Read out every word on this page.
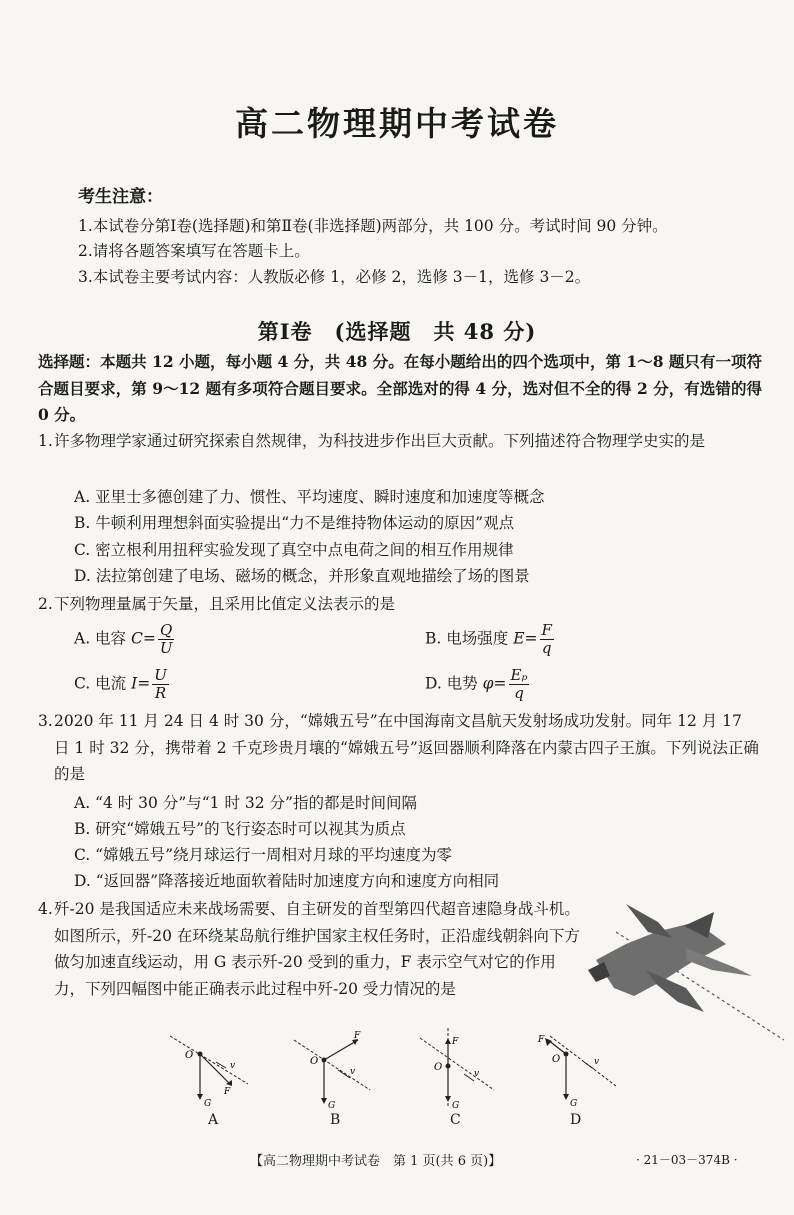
高二物理期中考试卷
考生注意：
1.本试卷分第Ⅰ卷(选择题)和第Ⅱ卷(非选择题)两部分，共 100 分。考试时间 90 分钟。
2.请将各题答案填写在答题卡上。
3.本试卷主要考试内容：人教版必修 1，必修 2，选修 3－1，选修 3－2。
第Ⅰ卷　(选择题　共 48 分)
选择题：本题共 12 小题，每小题 4 分，共 48 分。在每小题给出的四个选项中，第 1～8 题只有一项符合题目要求，第 9～12 题有多项符合题目要求。全部选对的得 4 分，选对但不全的得 2 分，有选错的得 0 分。
1. 许多物理学家通过研究探索自然规律，为科技进步作出巨大贡献。下列描述符合物理学史实的是
A. 亚里士多德创建了力、惯性、平均速度、瞬时速度和加速度等概念
B. 牛顿利用理想斜面实验提出“力不是维持物体运动的原因”观点
C. 密立根利用扭秤实验发现了真空中点电荷之间的相互作用规律
D. 法拉第创建了电场、磁场的概念，并形象直观地描绘了场的图景
2. 下列物理量属于矢量，且采用比值定义法表示的是
A. 电容 $C= \frac{Q}{U}$	B. 电场强度 $E= \frac{F}{q}$
C. 电流 $I= \frac{U}{R}$	D. 电势 $\varphi= \frac{\text{Eₚ}}{q}$
3. 2020 年 11 月 24 日 4 时 30 分，“嫦娥五号”在中国海南文昌航天发射场成功发射。同年 12 月 17 日 1 时 32 分，携带着 2 千克珍贵月壤的“嫦娥五号”返回器顺利降落在内蒙古四子王旗。下列说法正确的是
A. “4 时 30 分”与“1 时 32 分”指的都是时间间隔
B. 研究“嫦娥五号”的飞行姿态时可以视其为质点
C. “嫦娥五号”绕月球运行一周相对月球的平均速度为零
D. “返回器”降落接近地面软着陆时加速度方向和速度方向相同
4. 歼-20 是我国适应未来战场需要、自主研发的首型第四代超音速隐身战斗机。如图所示，歼-20 在环绕某岛航行维护国家主权任务时，正沿虚线朝斜向下方做匀加速直线运动，用 G 表示歼-20 受到的重力，F 表示空气对它的作用力，下列四幅图中能正确表示此过程中歼-20 受力情况的是
O
G
F
v	O
G
F
v	O
G
F
v
O
G
F
v
A	B	C	D
【高二物理期中考试卷　第 1 页(共 6 页)】	· 21－03－374B ·
